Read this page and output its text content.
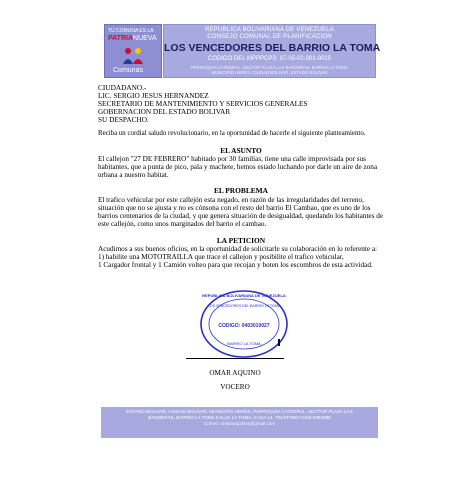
TU COMUNA ES LA
PATRIANUEVA
Comunas
REPUBLICA BOLIVARIANA DE VENEZUELA
CONSEJO COMUNAL DE PLANIFICACION
LOS VENCEDORES DEL BARRIO LA TOMA
CODIGO DEL MPPPCPS: 07-05-02-001-0015
PARROQUIA CATEDRAL, SECTOR PLAZA LAS BANDERAS, BARRIO LA TOMA
MUNICIPIO HERES, CIUDAD BOLIVAR, ESTADO BOLIVAR
CIUDADANO.-
LIC. SERGIO JESUS HERNANDEZ
SECRETARIO DE MANTENIMIENTO Y SERVICIOS GENERALES
GOBERNACION DEL ESTADO BOLIVAR
SU DESPACHO.
Reciba un cordial saludo revolucionario, en la oportunidad de hacerle el siguiente planteamiento.
EL ASUNTO
El callejon "27 DE FEBRERO" habitado por 30 familias, tiene una calle improvisada por sus
habitantes, que a punta de pico, pala y machete, hemos estado luchando por darle un aire de zona
urbana a nuestro habitat.
EL PROBLEMA
El trafico vehicular por este callejón esta negado, en razón de las irregularidades del terreno,
situación que no se ajusta y no es cónsona con el resto del barrio El Cambao, que es uno de los
barrios centenarios de la ciudad, y que genera situación de desigualdad, quedando los habitantes de
este callejón, como unos marginados del barrio el cambao.
LA PETICION
Acudimos a sus buenos oficios, en la oportunidad de solicitarle su colaboración en lo referente a:
1) habilite una MOTOTRAILLA que trace el callejon y posibilite el trafico vehicular,
1 Cargador frontal y 1 Camión volteo para que recojan y boten los escombros de esta actividad.
REPUBLICA BOLIVARIANA DE VENEZUELA
LOS VENCEDORES DEL BARRIO LA TOMA
CODIGO: 0403010027
BARRIO LA TOMA
OMAR AQUINO
VOCERO
ESTADO BOLIVAR, CIUDAD BOLIVAR, MUNICIPIO HERES, PARROQUIA CATEDRAL, SECTOR PLAZA LAS
BANDERAS, BARRIO LA TOMA CALLE LA TOMA, CASA 14, TELEFONO 0426-5982088
Correo: omarasuj2004@gmail.com
